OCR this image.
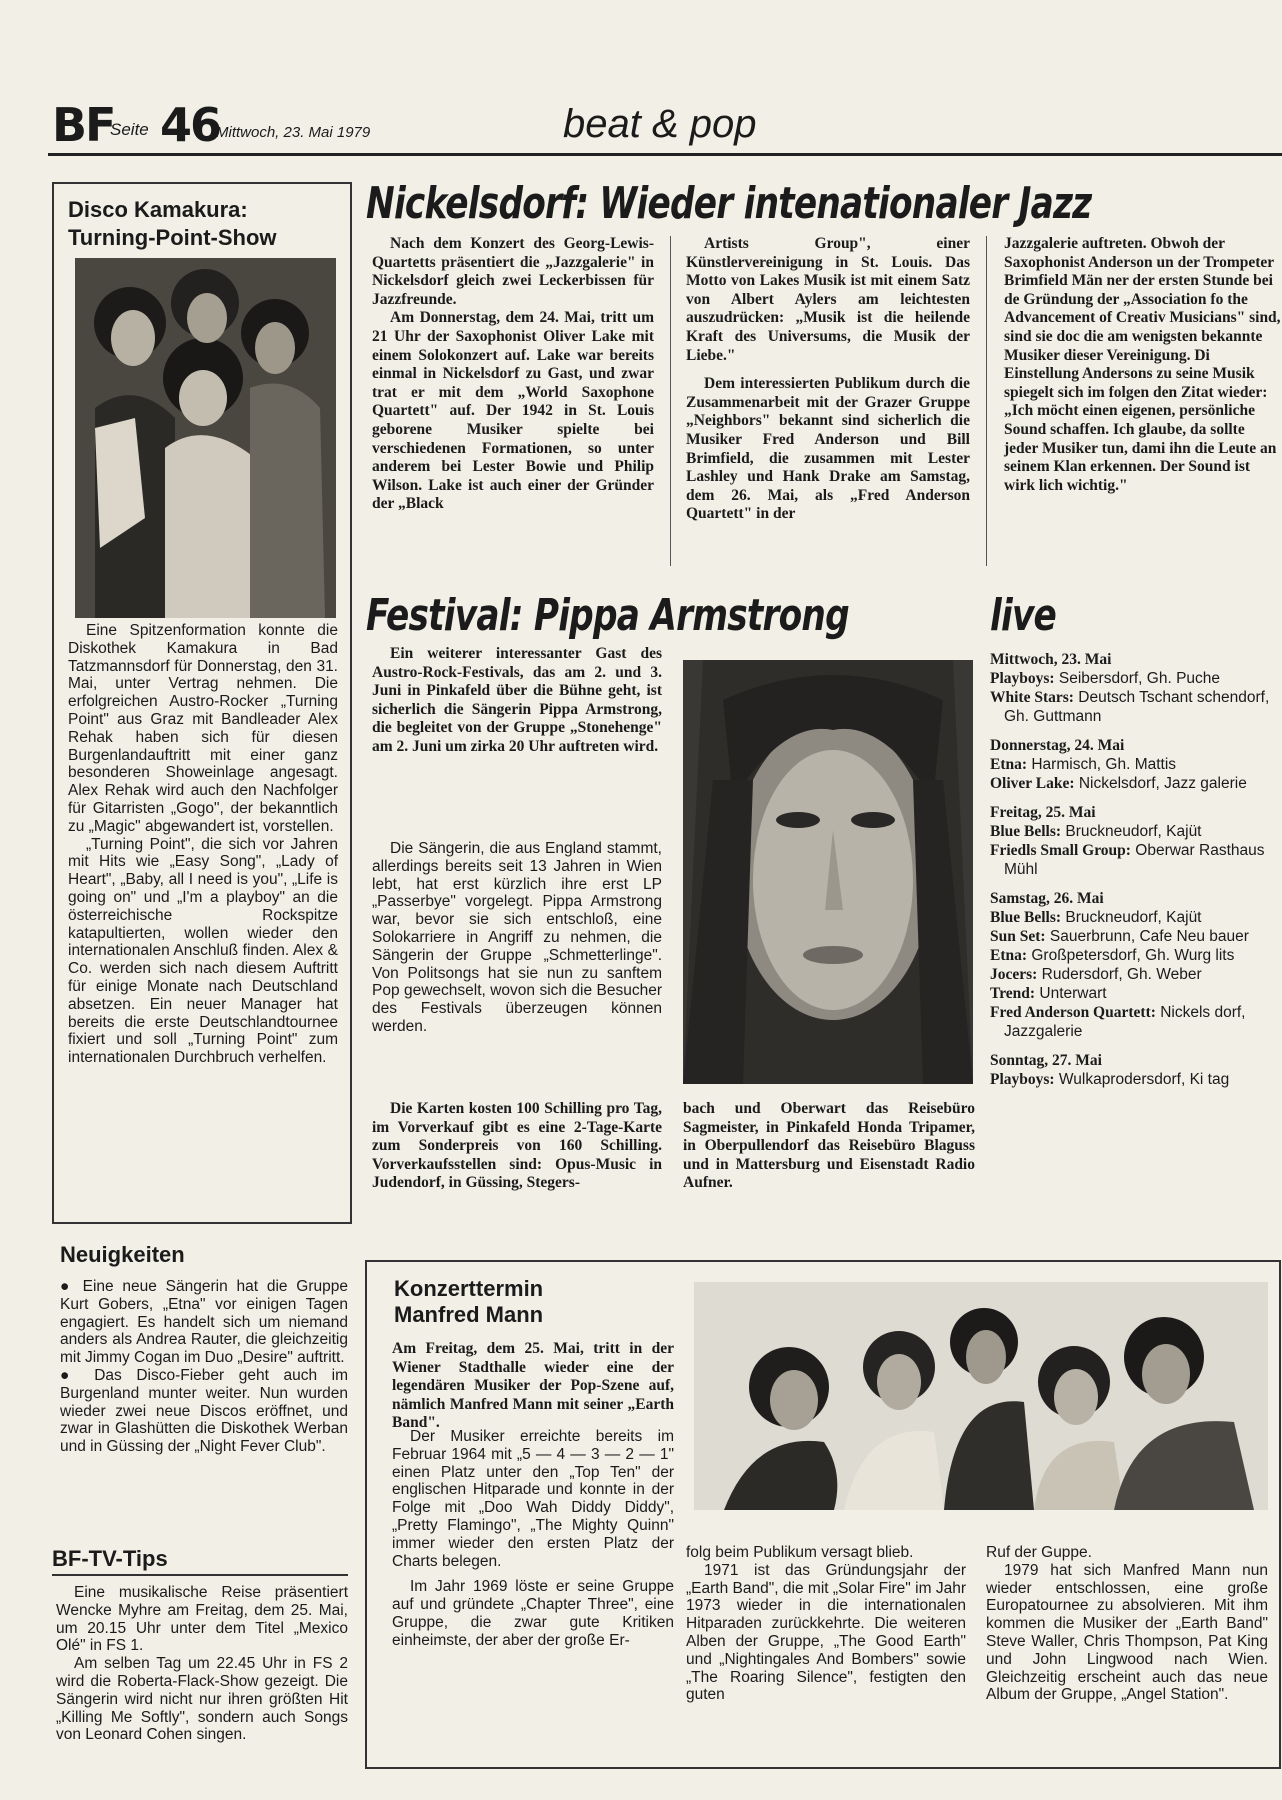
BF
Seite 46
Mittwoch, 23. Mai 1979	beat & pop
Disco Kamakura: Turning-Point-Show

Eine Spitzenformation konnte die Diskothek Kamakura in Bad Tatzmannsdorf für Donnerstag, den 31. Mai, unter Vertrag nehmen. Die erfolgreichen Austro-Rocker „Turning Point" aus Graz mit Bandleader Alex Rehak haben sich für diesen Burgenlandauftritt mit einer ganz besonderen Showeinlage angesagt. Alex Rehak wird auch den Nachfolger für Gitarristen „Gogo", der bekanntlich zu „Magic" abgewandert ist, vorstellen.

„Turning Point", die sich vor Jahren mit Hits wie „Easy Song", „Lady of Heart", „Baby, all I need is you", „Life is going on" und „I'm a playboy" an die österreichische Rockspitze katapultierten, wollen wieder den internationalen Anschluß finden. Alex & Co. werden sich nach diesem Auftritt für einige Monate nach Deutschland absetzen. Ein neuer Manager hat bereits die erste Deutschlandtournee fixiert und soll „Turning Point" zum internationalen Durchbruch verhelfen.

Nickelsdorf: Wieder intenationaler Jazz

Nach dem Konzert des Georg-Lewis-Quartetts präsentiert die „Jazzgalerie" in Nickelsdorf gleich zwei Leckerbissen für Jazzfreunde.

Am Donnerstag, dem 24. Mai, tritt um 21 Uhr der Saxophonist Oliver Lake mit einem Solokonzert auf. Lake war bereits einmal in Nickelsdorf zu Gast, und zwar trat er mit dem „World Saxophone Quartett" auf. Der 1942 in St. Louis geborene Musiker spielte bei verschiedenen Formationen, so unter anderem bei Lester Bowie und Philip Wilson. Lake ist auch einer der Gründer der „Black

Artists Group", einer Künstlervereinigung in St. Louis. Das Motto von Lakes Musik ist mit einem Satz von Albert Aylers am leichtesten auszudrücken: „Musik ist die heilende Kraft des Universums, die Musik der Liebe."

Dem interessierten Publikum durch die Zusammenarbeit mit der Grazer Gruppe „Neighbors" bekannt sind sicherlich die Musiker Fred Anderson und Bill Brimfield, die zusammen mit Lester Lashley und Hank Drake am Samstag, dem 26. Mai, als „Fred Anderson Quartett" in der

Jazzgalerie auftreten. Obwoh der Saxophonist Anderson un der Trompeter Brimfield Män ner der ersten Stunde bei de Gründung der „Association fo the Advancement of Creativ Musicians" sind, sind sie doc die am wenigsten bekannte Musiker dieser Vereinigung. Di Einstellung Andersons zu seine Musik spiegelt sich im folgen den Zitat wieder: „Ich möcht einen eigenen, persönliche Sound schaffen. Ich glaube, da sollte jeder Musiker tun, dami ihn die Leute an seinem Klan erkennen. Der Sound ist wirk lich wichtig."

Festival: Pippa Armstrong

Ein weiterer interessanter Gast des Austro-Rock-Festivals, das am 2. und 3. Juni in Pinkafeld über die Bühne geht, ist sicherlich die Sängerin Pippa Armstrong, die begleitet von der Gruppe „Stonehenge" am 2. Juni um zirka 20 Uhr auftreten wird.

Die Sängerin, die aus England stammt, allerdings bereits seit 13 Jahren in Wien lebt, hat erst kürzlich ihre erst LP „Passerbye" vorgelegt. Pippa Armstrong war, bevor sie sich entschloß, eine Solokarriere in Angriff zu nehmen, die Sängerin der Gruppe „Schmetterlinge". Von Politsongs hat sie nun zu sanftem Pop gewechselt, wovon sich die Besucher des Festivals überzeugen können werden.

Die Karten kosten 100 Schilling pro Tag, im Vorverkauf gibt es eine 2-Tage-Karte zum Sonderpreis von 160 Schilling. Vorverkaufsstellen sind: Opus-Music in Judendorf, in Güssing, Stegers-

bach und Oberwart das Reisebüro Sagmeister, in Pinkafeld Honda Tripamer, in Oberpullendorf das Reisebüro Blaguss und in Mattersburg und Eisenstadt Radio Aufner.

live
Mittwoch, 23. Mai
Playboys: Seibersdorf, Gh. Puche
White Stars: Deutsch Tschant schendorf, Gh. Guttmann
Donnerstag, 24. Mai
Etna: Harmisch, Gh. Mattis
Oliver Lake: Nickelsdorf, Jazz galerie
Freitag, 25. Mai
Blue Bells: Bruckneudorf, Kajüt
Friedls Small Group: Oberwar Rasthaus Mühl
Samstag, 26. Mai
Blue Bells: Bruckneudorf, Kajüt
Sun Set: Sauerbrunn, Cafe Neu bauer
Etna: Großpetersdorf, Gh. Wurg lits
Jocers: Rudersdorf, Gh. Weber
Trend: Unterwart
Fred Anderson Quartett: Nickels dorf, Jazzgalerie
Sonntag, 27. Mai
Playboys: Wulkaprodersdorf, Ki tag
Neuigkeiten

● Eine neue Sängerin hat die Gruppe Kurt Gobers, „Etna" vor einigen Tagen engagiert. Es handelt sich um niemand anders als Andrea Rauter, die gleichzeitig mit Jimmy Cogan im Duo „Desire" auftritt.

● Das Disco-Fieber geht auch im Burgenland munter weiter. Nun wurden wieder zwei neue Discos eröffnet, und zwar in Glashütten die Diskothek Werban und in Güssing der „Night Fever Club".

BF-TV-Tips

Eine musikalische Reise präsentiert Wencke Myhre am Freitag, dem 25. Mai, um 20.15 Uhr unter dem Titel „Mexico Olé" in FS 1.

Am selben Tag um 22.45 Uhr in FS 2 wird die Roberta-Flack-Show gezeigt. Die Sängerin wird nicht nur ihren größten Hit „Killing Me Softly", sondern auch Songs von Leonard Cohen singen.

Konzerttermin
Manfred Mann

Am Freitag, dem 25. Mai, tritt in der Wiener Stadthalle wieder eine der legendären Musiker der Pop-Szene auf, nämlich Manfred Mann mit seiner „Earth Band".

Der Musiker erreichte bereits im Februar 1964 mit „5 — 4 — 3 — 2 — 1" einen Platz unter den „Top Ten" der englischen Hitparade und konnte in der Folge mit „Doo Wah Diddy Diddy", „Pretty Flamingo", „The Mighty Quinn" immer wieder den ersten Platz der Charts belegen.

Im Jahr 1969 löste er seine Gruppe auf und gründete „Chapter Three", eine Gruppe, die zwar gute Kritiken einheimste, der aber der große Er-

folg beim Publikum versagt blieb.

1971 ist das Gründungsjahr der „Earth Band", die mit „Solar Fire" im Jahr 1973 wieder in die internationalen Hitparaden zurückkehrte. Die weiteren Alben der Gruppe, „The Good Earth" und „Nightingales And Bombers" sowie „The Roaring Silence", festigten den guten

Ruf der Guppe.

1979 hat sich Manfred Mann nun wieder entschlossen, eine große Europatournee zu absolvieren. Mit ihm kommen die Musiker der „Earth Band" Steve Waller, Chris Thompson, Pat King und John Lingwood nach Wien. Gleichzeitig erscheint auch das neue Album der Gruppe, „Angel Station".
